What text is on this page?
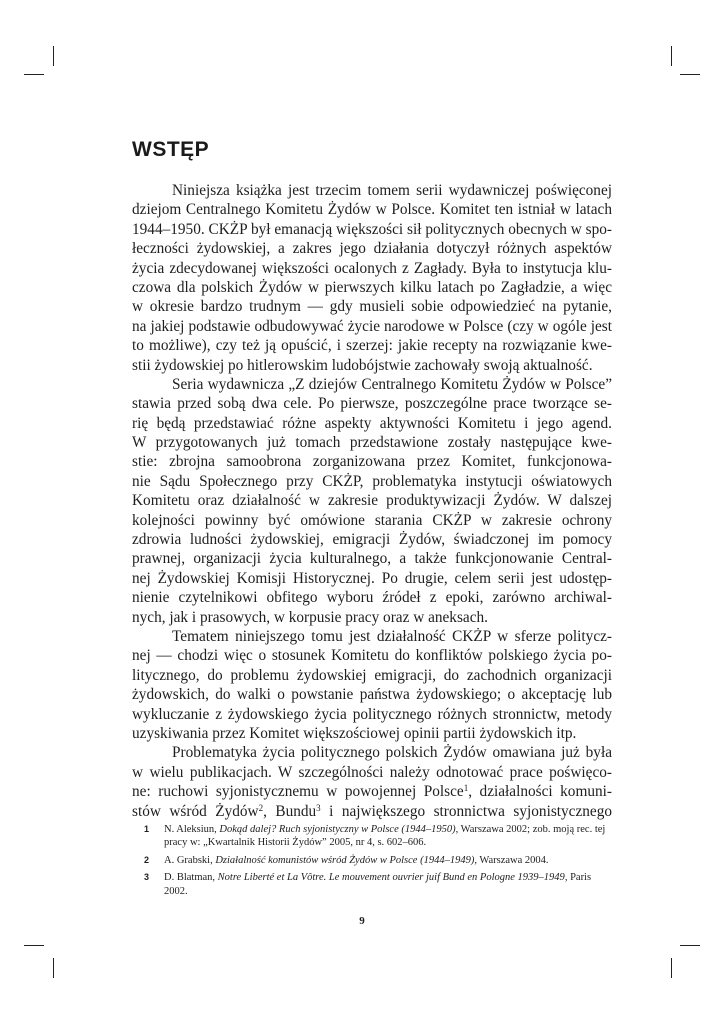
WSTĘP
Niniejsza książka jest trzecim tomem serii wydawniczej poświęconej
dziejom Centralnego Komitetu Żydów w Polsce. Komitet ten istniał w latach
1944–1950. CKŻP był emanacją większości sił politycznych obecnych w spo-
łeczności żydowskiej, a zakres jego działania dotyczył różnych aspektów
życia zdecydowanej większości ocalonych z Zagłady. Była to instytucja klu-
czowa dla polskich Żydów w pierwszych kilku latach po Zagładzie, a więc
w okresie bardzo trudnym — gdy musieli sobie odpowiedzieć na pytanie,
na jakiej podstawie odbudowywać życie narodowe w Polsce (czy w ogóle jest
to możliwe), czy też ją opuścić, i szerzej: jakie recepty na rozwiązanie kwe-
stii żydowskiej po hitlerowskim ludobójstwie zachowały swoją aktualność.
Seria wydawnicza „Z dziejów Centralnego Komitetu Żydów w Polsce”
stawia przed sobą dwa cele. Po pierwsze, poszczególne prace tworzące se-
rię będą przedstawiać różne aspekty aktywności Komitetu i jego agend.
W przygotowanych już tomach przedstawione zostały następujące kwe-
stie: zbrojna samoobrona zorganizowana przez Komitet, funkcjonowa-
nie Sądu Społecznego przy CKŻP, problematyka instytucji oświatowych
Komitetu oraz działalność w zakresie produktywizacji Żydów. W dalszej
kolejności powinny być omówione starania CKŻP w zakresie ochrony
zdrowia ludności żydowskiej, emigracji Żydów, świadczonej im pomocy
prawnej, organizacji życia kulturalnego, a także funkcjonowanie Central-
nej Żydowskiej Komisji Historycznej. Po drugie, celem serii jest udostęp-
nienie czytelnikowi obfitego wyboru źródeł z epoki, zarówno archiwal-
nych, jak i prasowych, w korpusie pracy oraz w aneksach.
Tematem niniejszego tomu jest działalność CKŻP w sferze politycz-
nej — chodzi więc o stosunek Komitetu do konfliktów polskiego życia po-
litycznego, do problemu żydowskiej emigracji, do zachodnich organizacji
żydowskich, do walki o powstanie państwa żydowskiego; o akceptację lub
wykluczanie z żydowskiego życia politycznego różnych stronnictw, metody
uzyskiwania przez Komitet większościowej opinii partii żydowskich itp.
Problematyka życia politycznego polskich Żydów omawiana już była
w wielu publikacjach. W szczególności należy odnotować prace poświęco-
ne: ruchowi syjonistycznemu w powojennej Polsce$^1$, działalności komuni-
stów wśród Żydów$^2$, Bundu$^3$ i największego stronnictwa syjonistycznego
1 N. Aleksiun, Dokąd dalej? Ruch syjonistyczny w Polsce (1944–1950), Warszawa 2002; zob. moją rec. tej pracy w: „Kwartalnik Historii Żydów” 2005, nr 4, s. 602–606.
2 A. Grabski, Działalność komunistów wśród Żydów w Polsce (1944–1949), Warszawa 2004.
3 D. Blatman, Notre Liberté et La Vôtre. Le mouvement ouvrier juif Bund en Pologne 1939–1949, Paris 2002.
9
